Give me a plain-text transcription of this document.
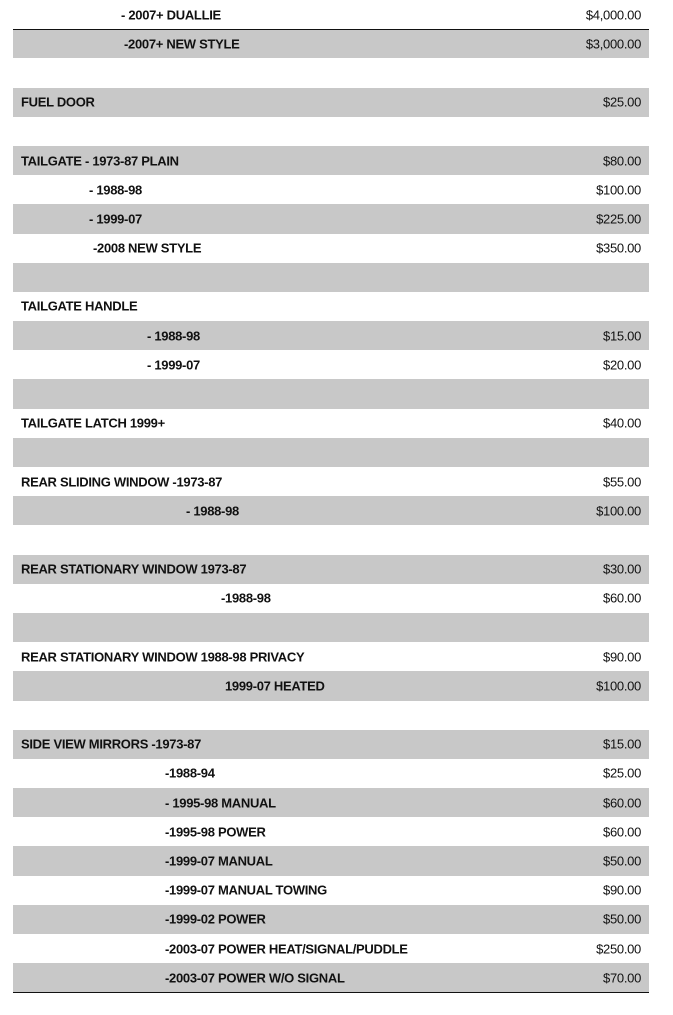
- 2007+ DUALLIE	$4,000.00
-2007+ NEW STYLE	$3,000.00
FUEL DOOR	$25.00
TAILGATE - 1973-87 PLAIN	$80.00
- 1988-98	$100.00
- 1999-07	$225.00
-2008 NEW STYLE	$350.00
TAILGATE HANDLE
- 1988-98	$15.00
- 1999-07	$20.00
TAILGATE LATCH 1999+	$40.00
REAR SLIDING WINDOW -1973-87	$55.00
- 1988-98	$100.00
REAR STATIONARY WINDOW 1973-87	$30.00
-1988-98	$60.00
REAR STATIONARY WINDOW 1988-98 PRIVACY	$90.00
1999-07 HEATED	$100.00
SIDE VIEW MIRRORS -1973-87	$15.00
-1988-94	$25.00
- 1995-98 MANUAL	$60.00
-1995-98 POWER	$60.00
-1999-07 MANUAL	$50.00
-1999-07 MANUAL TOWING	$90.00
-1999-02 POWER	$50.00
-2003-07 POWER HEAT/SIGNAL/PUDDLE	$250.00
-2003-07 POWER W/O SIGNAL	$70.00
